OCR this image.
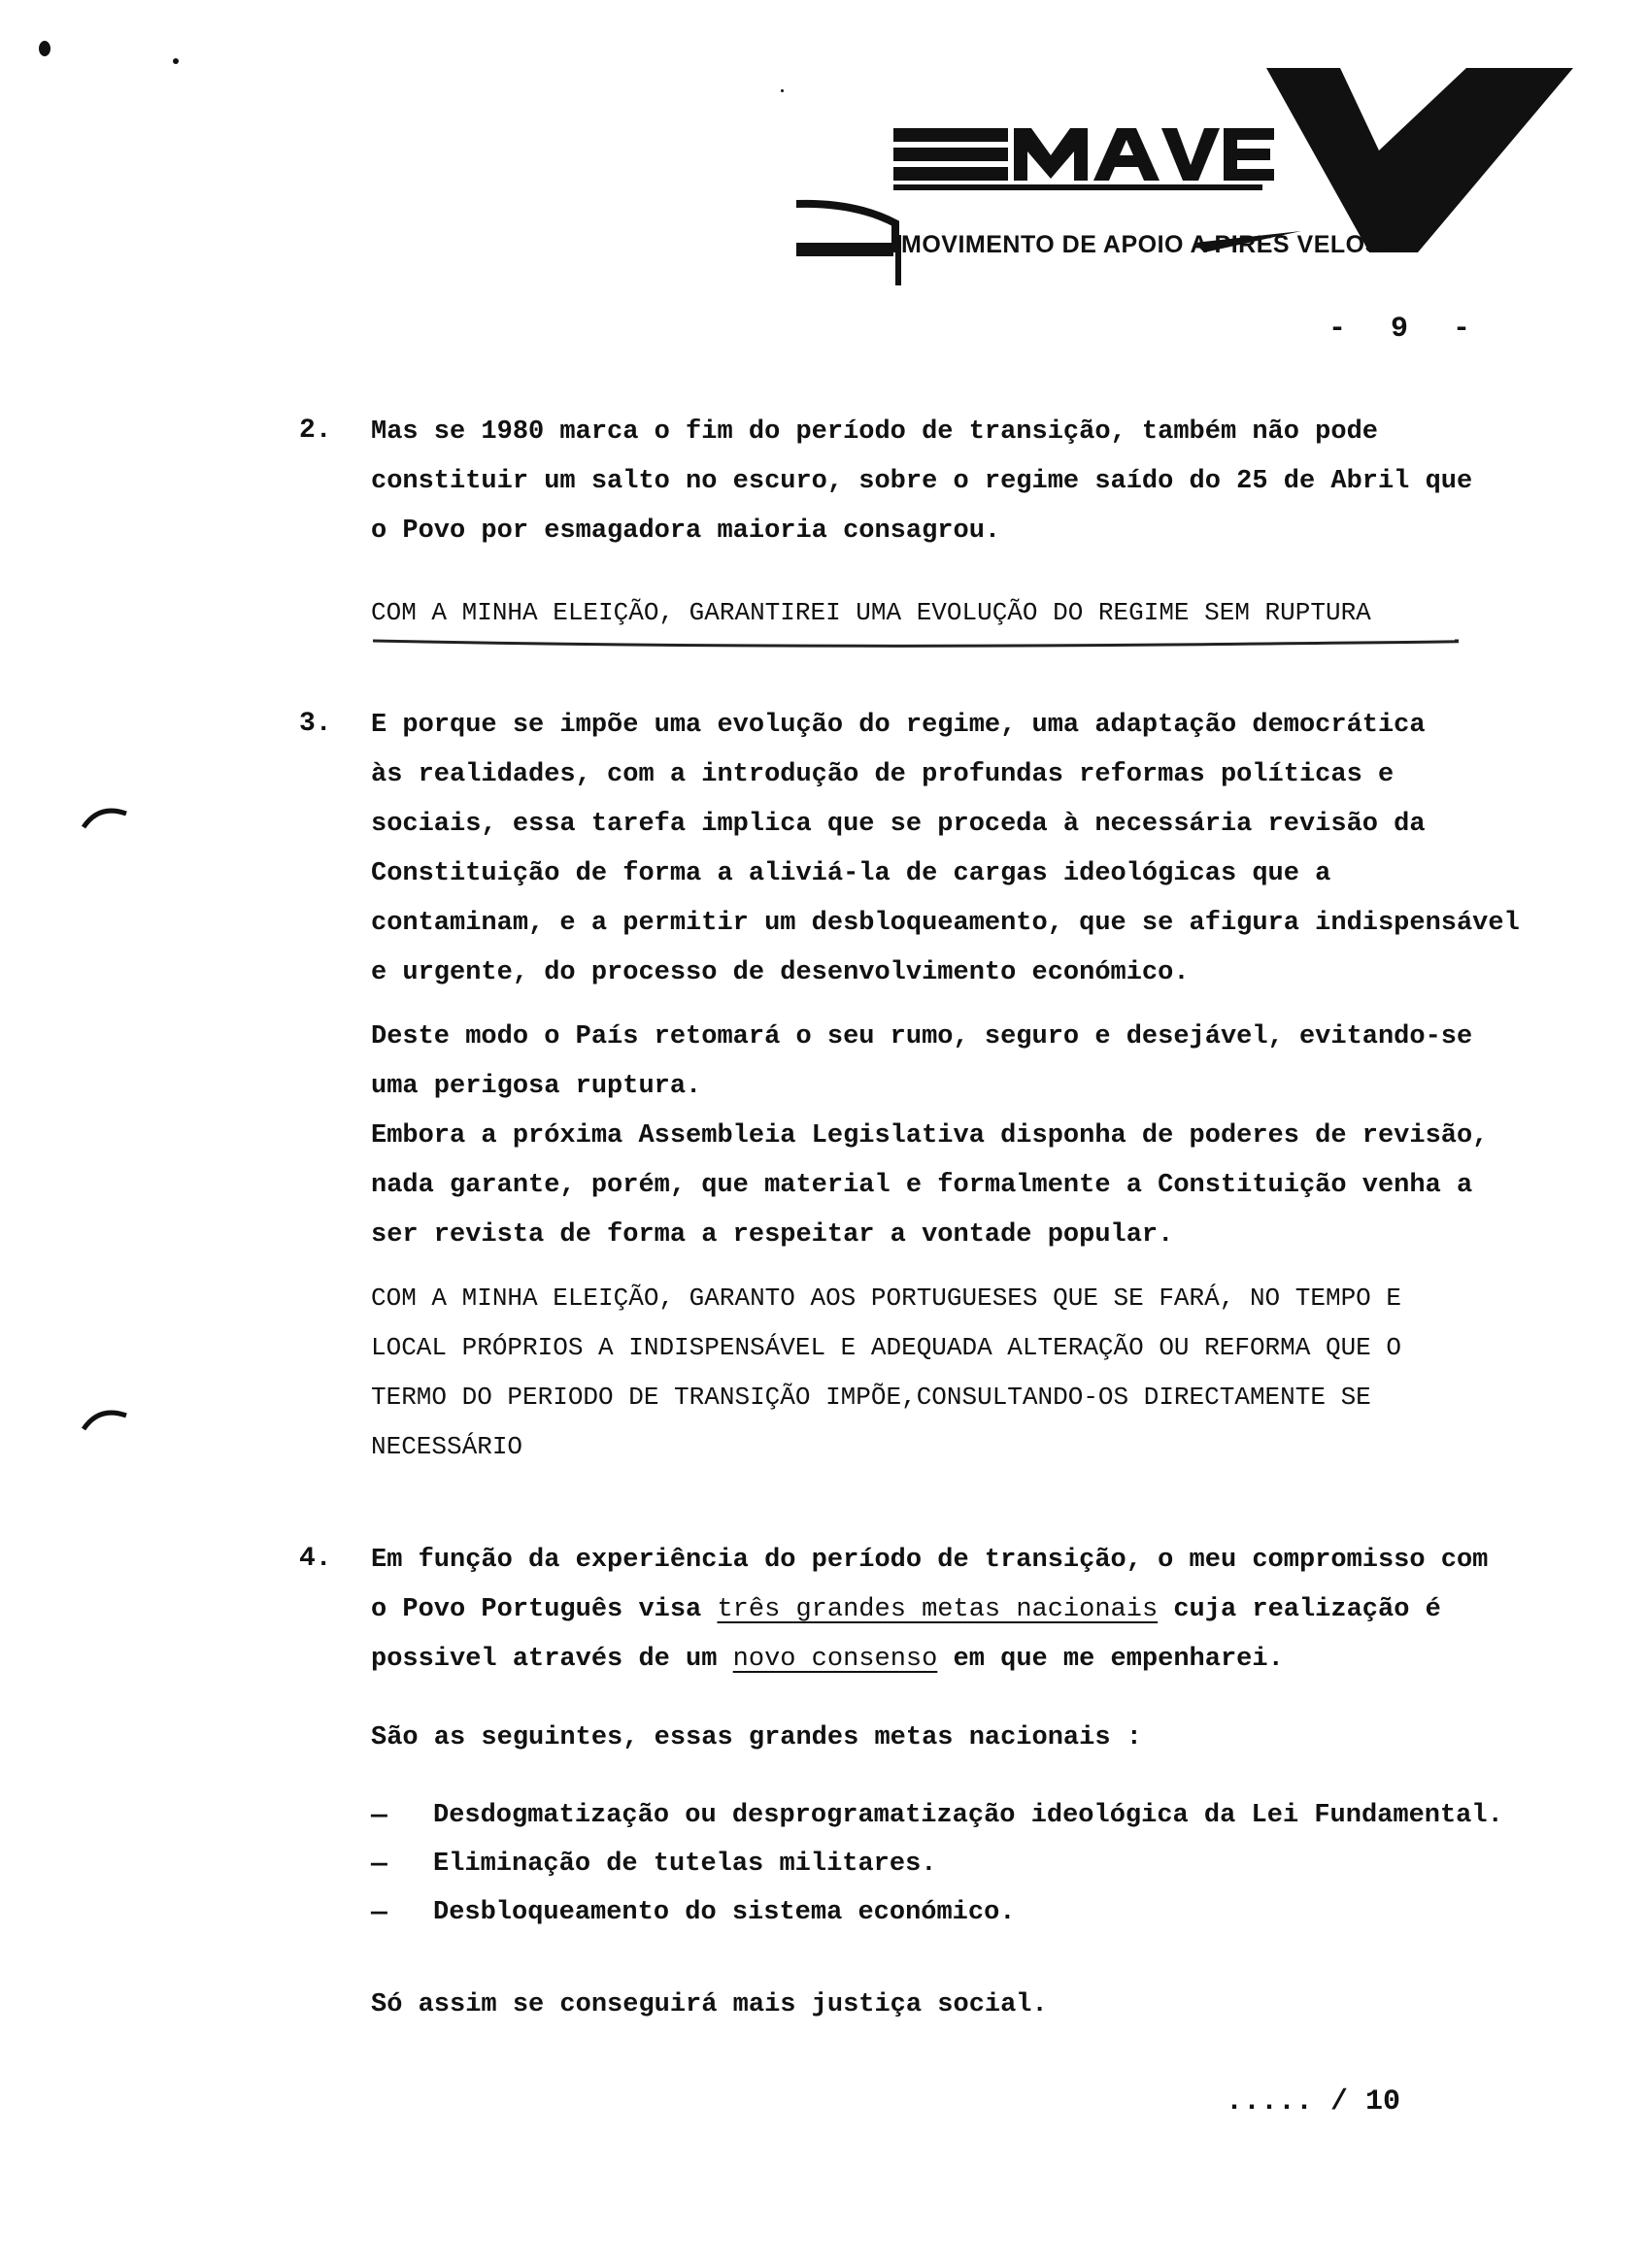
MOVIMENTO DE APOIO A PIRES VELOSO
- 9 -
2. Mas se 1980 marca o fim do período de transição, também não pode
constituir um salto no escuro, sobre o regime saído do 25 de Abril que
o Povo por esmagadora maioria consagrou.
COM A MINHA ELEIÇÃO, GARANTIREI UMA EVOLUÇÃO DO REGIME SEM RUPTURA
3. E porque se impõe uma evolução do regime, uma adaptação democrática
às realidades, com a introdução de profundas reformas políticas e
sociais, essa tarefa implica que se proceda à necessária revisão da
Constituição de forma a aliviá-la de cargas ideológicas que a
contaminam, e a permitir um desbloqueamento, que se afigura indispensável
e urgente, do processo de desenvolvimento económico.
Deste modo o País retomará o seu rumo, seguro e desejável, evitando-se
uma perigosa ruptura.
Embora a próxima Assembleia Legislativa disponha de poderes de revisão,
nada garante, porém, que material e formalmente a Constituição venha a
ser revista de forma a respeitar a vontade popular.
COM A MINHA ELEIÇÃO, GARANTO AOS PORTUGUESES QUE SE FARÁ, NO TEMPO E
LOCAL PRÓPRIOS A INDISPENSÁVEL E ADEQUADA ALTERAÇÃO OU REFORMA QUE O
TERMO DO PERIODO DE TRANSIÇÃO IMPÕE,CONSULTANDO-OS DIRECTAMENTE SE
NECESSÁRIO
4. Em função da experiência do período de transição, o meu compromisso com
o Povo Português visa três grandes metas nacionais cuja realização é
possivel através de um novo consenso em que me empenharei.
São as seguintes, essas grandes metas nacionais :
— Desdogmatização ou desprogramatização ideológica da Lei Fundamental.
— Eliminação de tutelas militares.
— Desbloqueamento do sistema económico.
Só assim se conseguirá mais justiça social.
..... / 10
